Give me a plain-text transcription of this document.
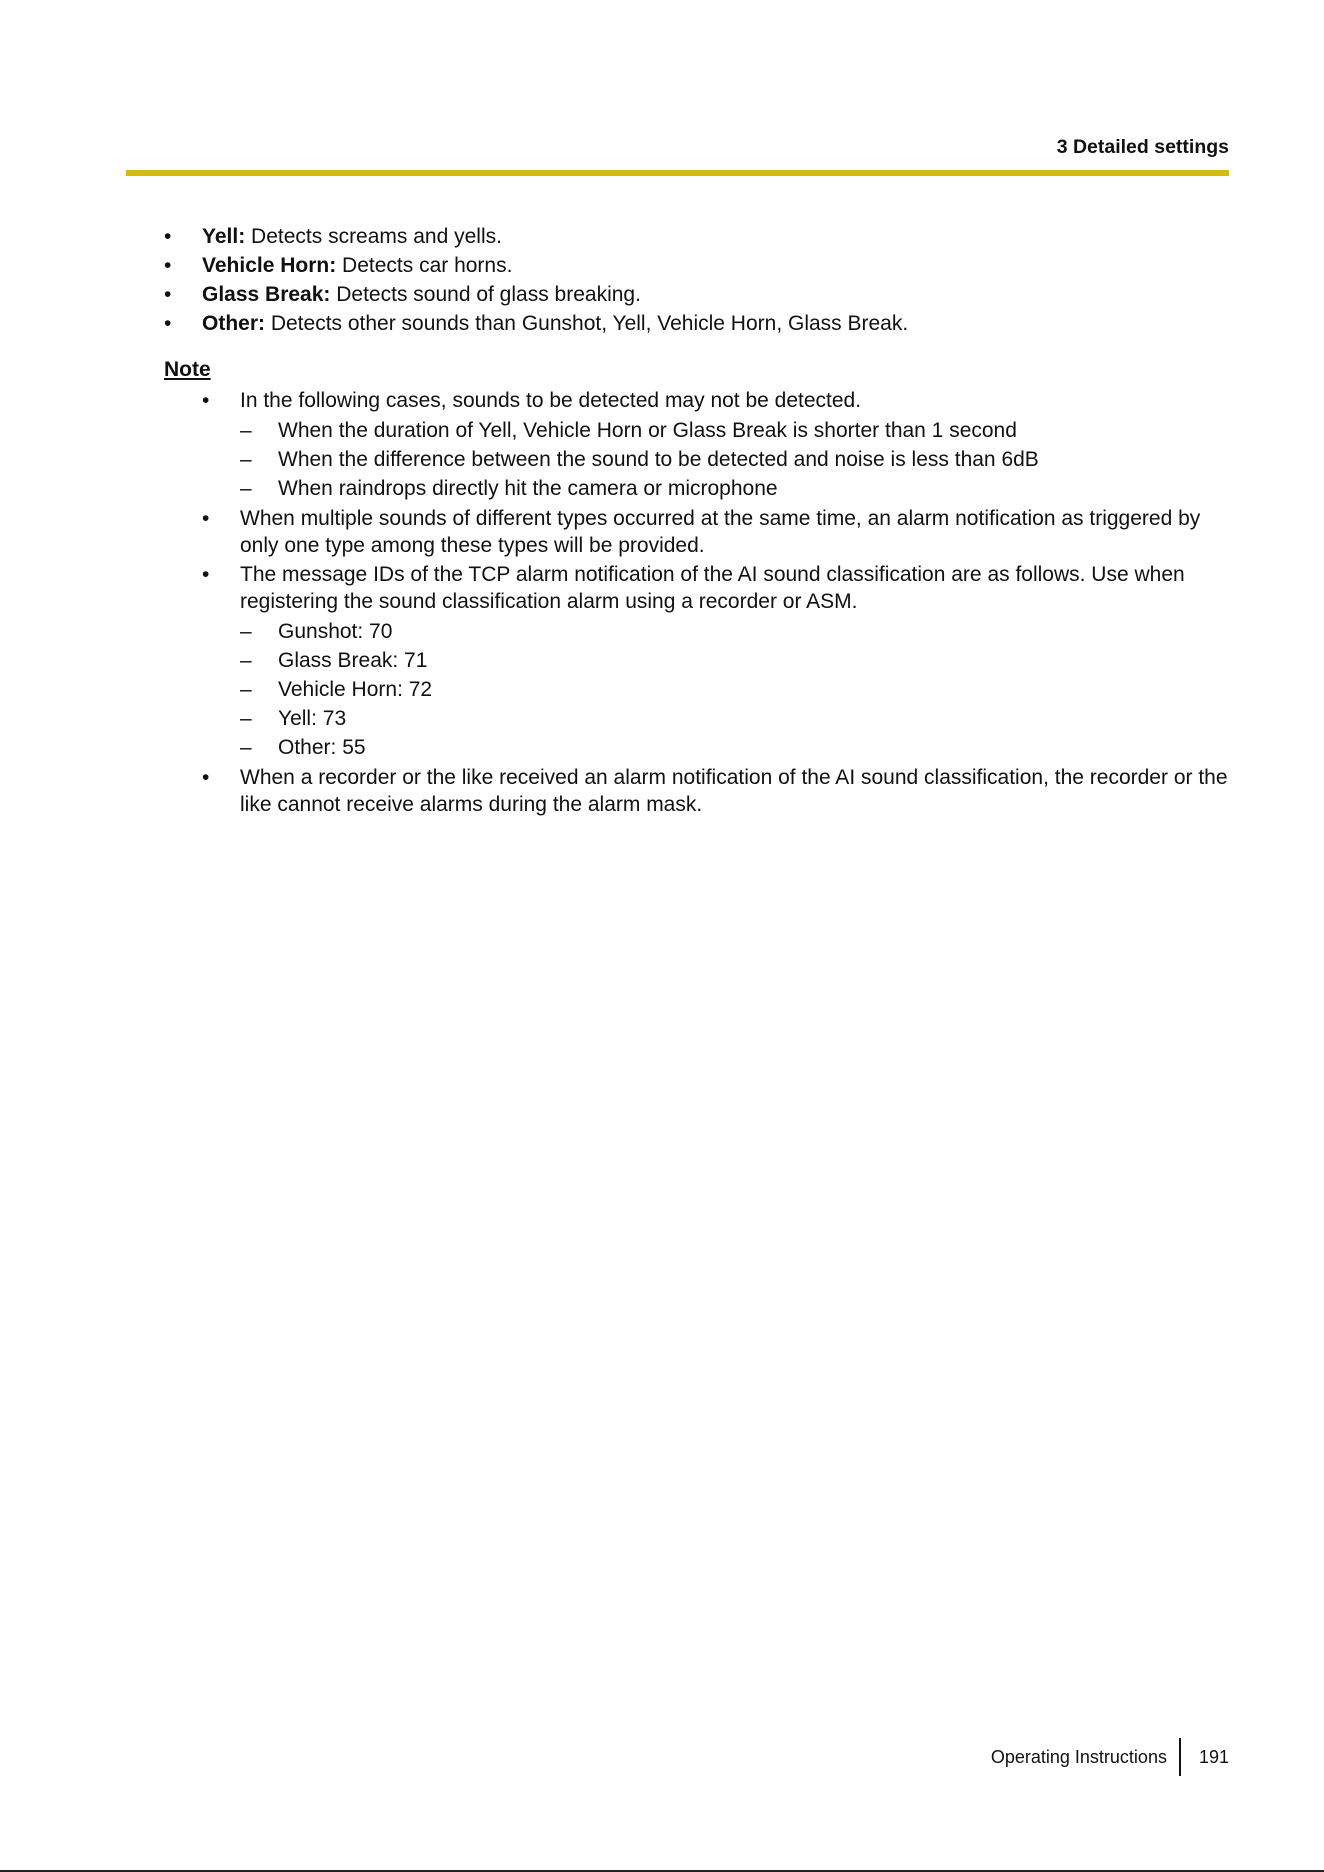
3 Detailed settings
• Yell: Detects screams and yells.
• Vehicle Horn: Detects car horns.
• Glass Break: Detects sound of glass breaking.
• Other: Detects other sounds than Gunshot, Yell, Vehicle Horn, Glass Break.
Note
• In the following cases, sounds to be detected may not be detected.
– When the duration of Yell, Vehicle Horn or Glass Break is shorter than 1 second
– When the difference between the sound to be detected and noise is less than 6dB
– When raindrops directly hit the camera or microphone
• When multiple sounds of different types occurred at the same time, an alarm notification as triggered by only one type among these types will be provided.
• The message IDs of the TCP alarm notification of the AI sound classification are as follows. Use when registering the sound classification alarm using a recorder or ASM.
– Gunshot: 70
– Glass Break: 71
– Vehicle Horn: 72
– Yell: 73
– Other: 55
• When a recorder or the like received an alarm notification of the AI sound classification, the recorder or the like cannot receive alarms during the alarm mask.
Operating Instructions 191
